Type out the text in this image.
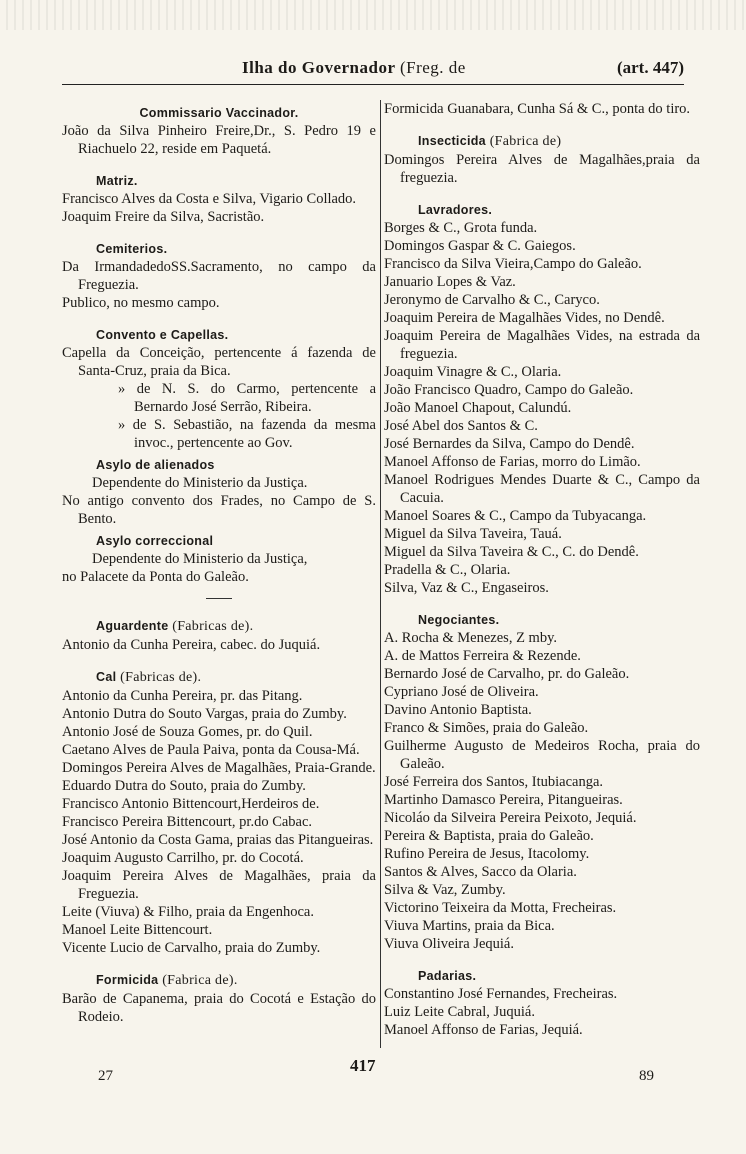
Ilha do Governador (Freg. de	(art. 447)
Commissario Vaccinador.
João da Silva Pinheiro Freire,Dr., S. Pedro 19 e Riachuelo 22, reside em Paquetá.
Matriz.
Francisco Alves da Costa e Silva, Vigario Collado.
Joaquim Freire da Silva, Sacristão.
Cemiterios.
Da IrmandadedoSS.Sacramento, no campo da Freguezia.
Publico, no mesmo campo.
Convento e Capellas.
Capella da Conceição, pertencente á fazenda de Santa-Cruz, praia da Bica.
» de N. S. do Carmo, pertencente a Bernardo José Serrão, Ribeira.
» de S. Sebastião, na fazenda da mesma invoc., pertencente ao Gov.
Asylo de alienados
Dependente do Ministerio da Justiça.
No antigo convento dos Frades, no Campo de S. Bento.
Asylo correccional
Dependente do Ministerio da Justiça,
no Palacete da Ponta do Galeão.
Aguardente (Fabricas de).
Antonio da Cunha Pereira, cabec. do Juquiá.
Cal (Fabricas de).
Antonio da Cunha Pereira, pr. das Pitang.
Antonio Dutra do Souto Vargas, praia do Zumby.
Antonio José de Souza Gomes, pr. do Quil.
Caetano Alves de Paula Paiva, ponta da Cousa-Má.
Domingos Pereira Alves de Magalhães, Praia-Grande.
Eduardo Dutra do Souto, praia do Zumby.
Francisco Antonio Bittencourt,Herdeiros de.
Francisco Pereira Bittencourt, pr.do Cabac.
José Antonio da Costa Gama, praias das Pitangueiras.
Joaquim Augusto Carrilho, pr. do Cocotá.
Joaquim Pereira Alves de Magalhães, praia da Freguezia.
Leite (Viuva) & Filho, praia da Engenhoca.
Manoel Leite Bittencourt.
Vicente Lucio de Carvalho, praia do Zumby.
Formicida (Fabrica de).
Barão de Capanema, praia do Cocotá e Estação do Rodeio.
Formicida Guanabara, Cunha Sá & C., ponta do tiro.
Insecticida (Fabrica de)
Domingos Pereira Alves de Magalhães,praia da freguezia.
Lavradores.
Borges & C., Grota funda.
Domingos Gaspar & C. Gaiegos.
Francisco da Silva Vieira,Campo do Galeão.
Januario Lopes & Vaz.
Jeronymo de Carvalho & C., Caryco.
Joaquim Pereira de Magalhães Vides, no Dendê.
Joaquim Pereira de Magalhães Vides, na estrada da freguezia.
Joaquim Vinagre & C., Olaria.
João Francisco Quadro, Campo do Galeão.
João Manoel Chapout, Calundú.
José Abel dos Santos & C.
José Bernardes da Silva, Campo do Dendê.
Manoel Affonso de Farias, morro do Limão.
Manoel Rodrigues Mendes Duarte & C., Campo da Cacuia.
Manoel Soares & C., Campo da Tubyacanga.
Miguel da Silva Taveira, Tauá.
Miguel da Silva Taveira & C., C. do Dendê.
Pradella & C., Olaria.
Silva, Vaz & C., Engaseiros.
Negociantes.
A. Rocha & Menezes, Z mby.
A. de Mattos Ferreira & Rezende.
Bernardo José de Carvalho, pr. do Galeão.
Cypriano José de Oliveira.
Davino Antonio Baptista.
Franco & Simões, praia do Galeão.
Guilherme Augusto de Medeiros Rocha, praia do Galeão.
José Ferreira dos Santos, Itubiacanga.
Martinho Damasco Pereira, Pitangueiras.
Nicoláo da Silveira Pereira Peixoto, Jequiá.
Pereira & Baptista, praia do Galeão.
Rufino Pereira de Jesus, Itacolomy.
Santos & Alves, Sacco da Olaria.
Silva & Vaz, Zumby.
Victorino Teixeira da Motta, Frecheiras.
Viuva Martins, praia da Bica.
Viuva Oliveira Jequiá.
Padarias.
Constantino José Fernandes, Frecheiras.
Luiz Leite Cabral, Juquiá.
Manoel Affonso de Farias, Jequiá.
27
417
89
